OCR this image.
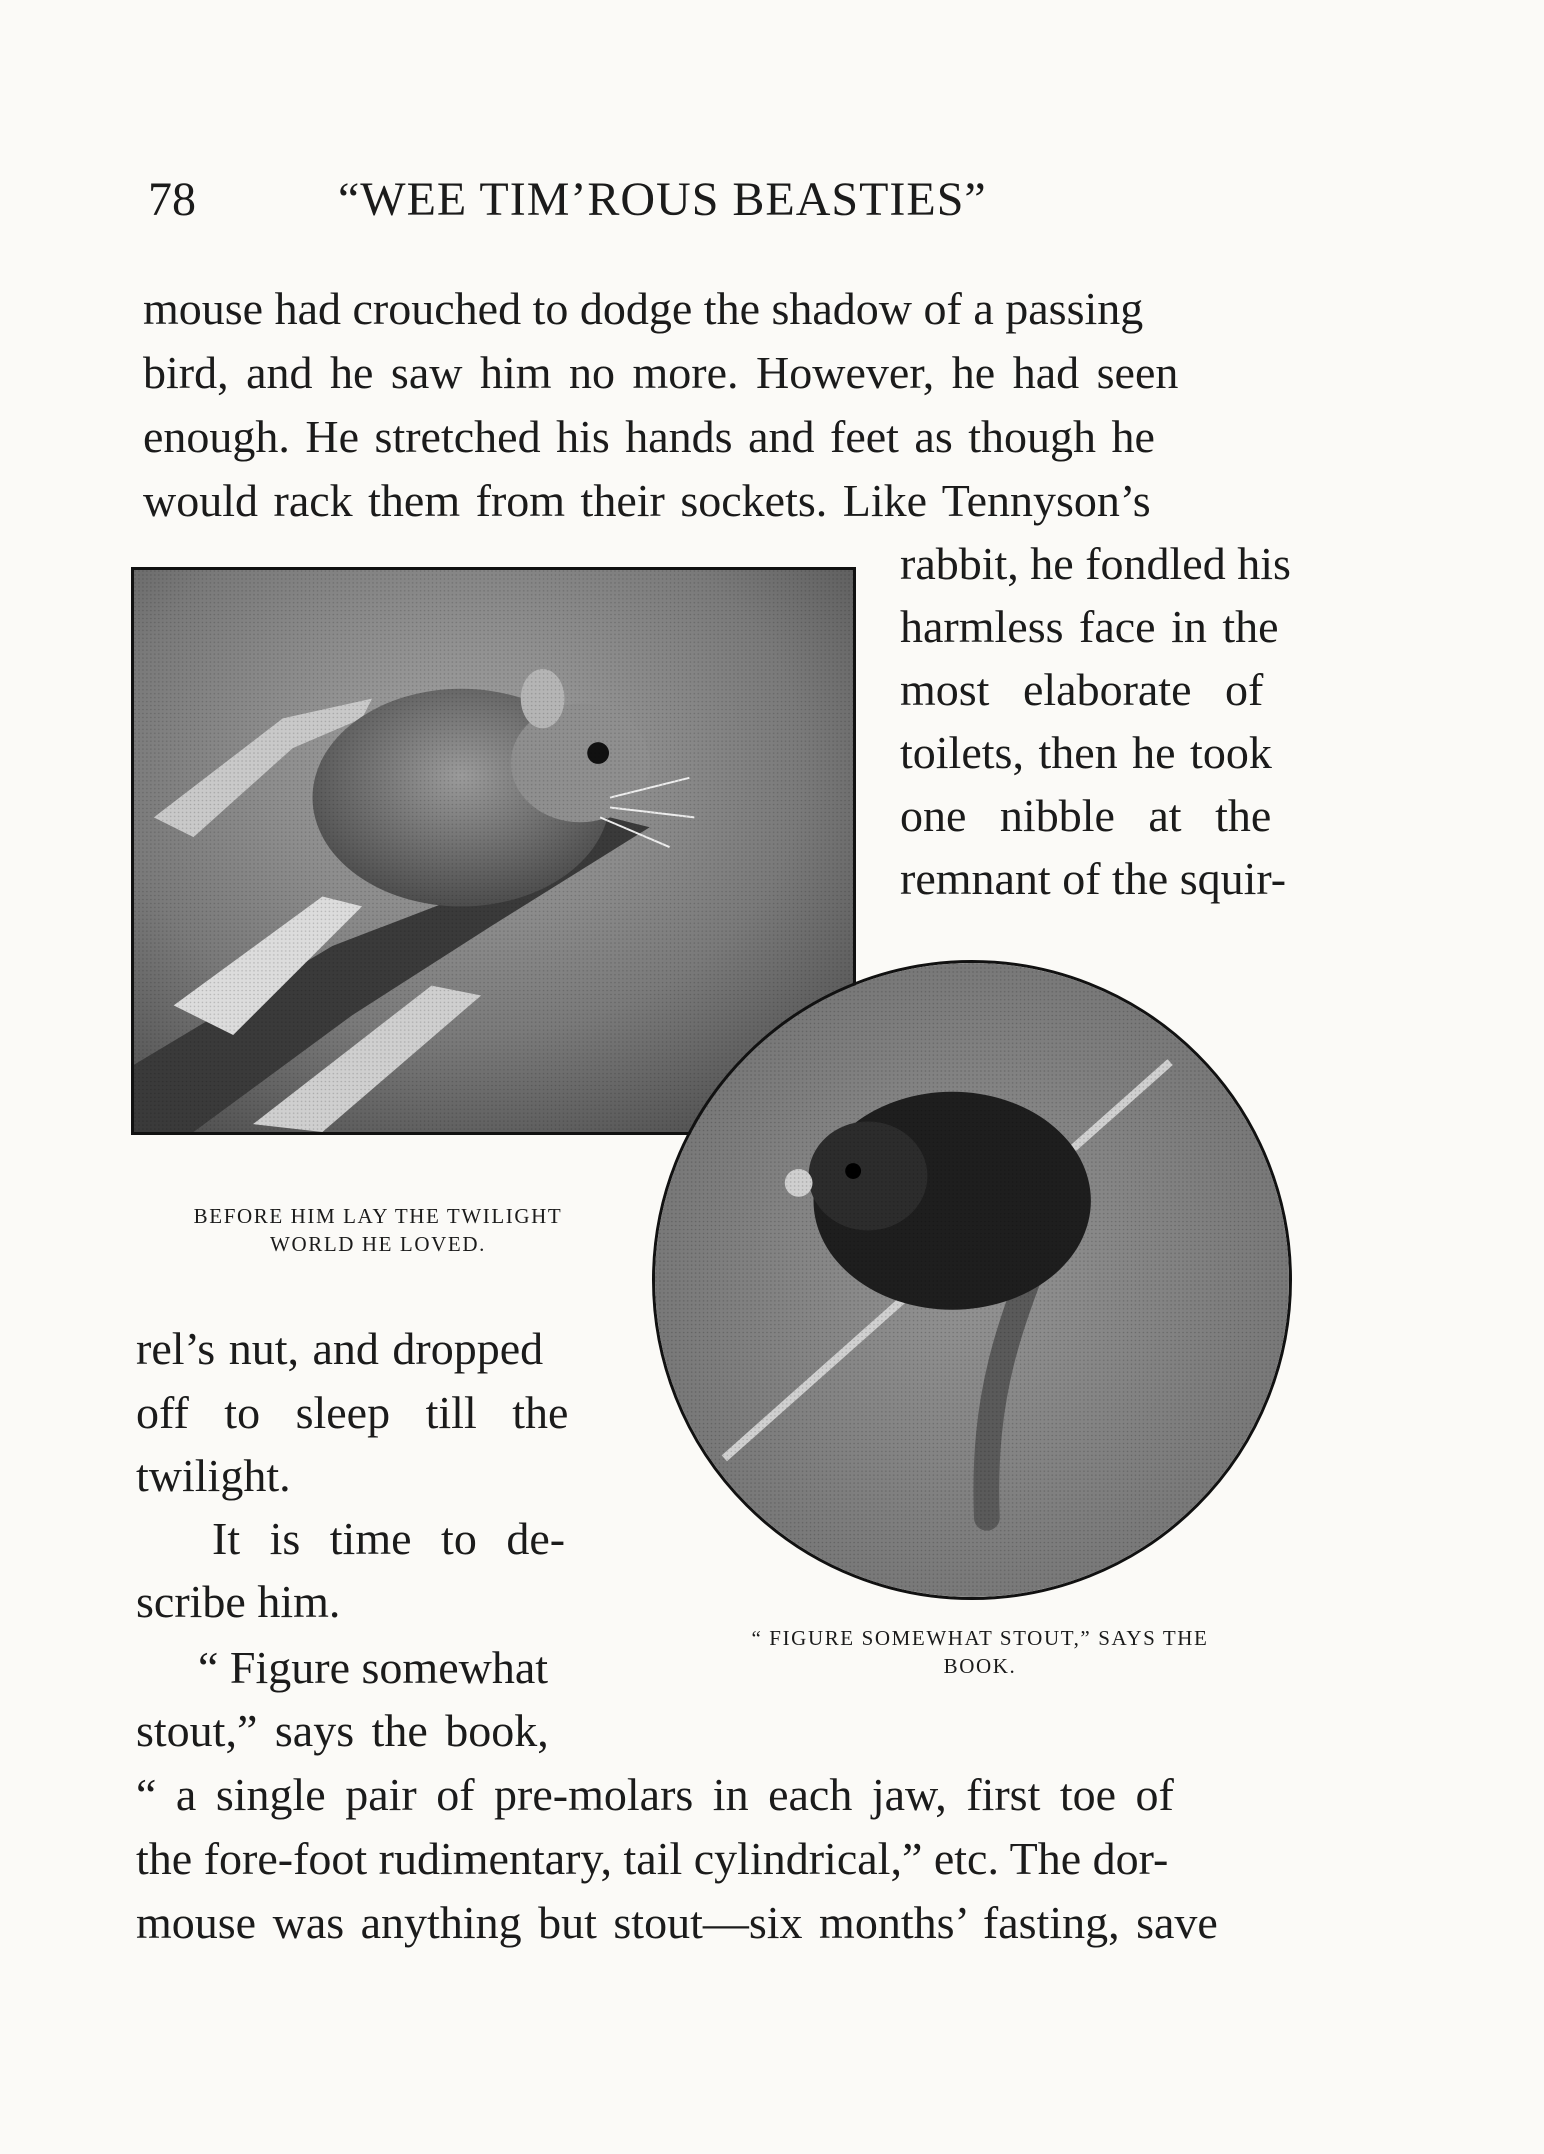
78	“WEE TIM’ROUS BEASTIES”
mouse had crouched to dodge the shadow of a passing
bird, and he saw him no more. However, he had seen
enough. He stretched his hands and feet as though he
would rack them from their sockets. Like Tennyson’s
rabbit, he fondled his
harmless face in the
most elaborate of
toilets, then he took
one nibble at the
remnant of the squir-
BEFORE HIM LAY THE TWILIGHT
WORLD HE LOVED.
“ FIGURE SOMEWHAT STOUT,” SAYS THE
BOOK.
rel’s nut, and dropped
off to sleep till the
twilight.
It is time to de-
scribe him.
“ Figure somewhat
stout,” says the book,
“ a single pair of pre-molars in each jaw, first toe of
the fore-foot rudimentary, tail cylindrical,” etc. The dor-
mouse was anything but stout—six months’ fasting, save
